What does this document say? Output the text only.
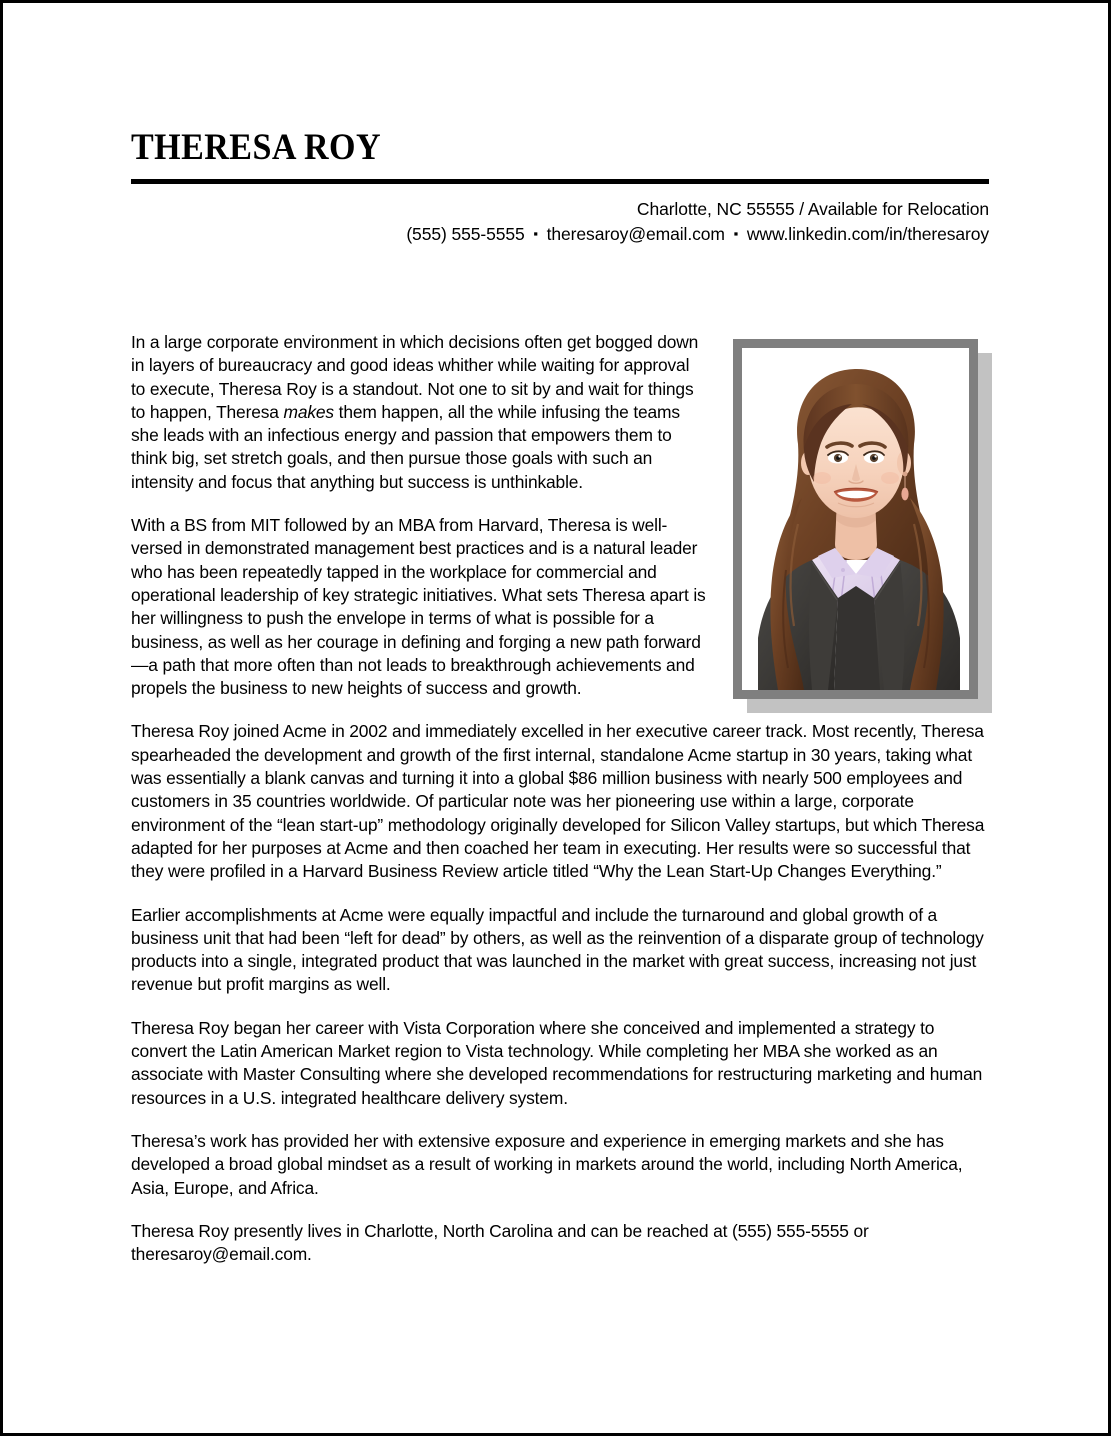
THERESA ROY
Charlotte, NC 55555 / Available for Relocation
(555) 555-5555 ▪ theresaroy@email.com ▪ www.linkedin.com/in/theresaroy

In a large corporate environment in which decisions often get bogged down in layers of bureaucracy and good ideas whither while waiting for approval to execute, Theresa Roy is a standout. Not one to sit by and wait for things to happen, Theresa makes them happen, all the while infusing the teams she leads with an infectious energy and passion that empowers them to think big, set stretch goals, and then pursue those goals with such an intensity and focus that anything but success is unthinkable.

With a BS from MIT followed by an MBA from Harvard, Theresa is well-versed in demonstrated management best practices and is a natural leader who has been repeatedly tapped in the workplace for commercial and operational leadership of key strategic initiatives. What sets Theresa apart is her willingness to push the envelope in terms of what is possible for a business, as well as her courage in defining and forging a new path forward—a path that more often than not leads to breakthrough achievements and propels the business to new heights of success and growth.

Theresa Roy joined Acme in 2002 and immediately excelled in her executive career track. Most recently, Theresa spearheaded the development and growth of the first internal, standalone Acme startup in 30 years, taking what was essentially a blank canvas and turning it into a global $86 million business with nearly 500 employees and customers in 35 countries worldwide. Of particular note was her pioneering use within a large, corporate environment of the “lean start-up” methodology originally developed for Silicon Valley startups, but which Theresa adapted for her purposes at Acme and then coached her team in executing. Her results were so successful that they were profiled in a Harvard Business Review article titled “Why the Lean Start-Up Changes Everything.”

Earlier accomplishments at Acme were equally impactful and include the turnaround and global growth of a business unit that had been “left for dead” by others, as well as the reinvention of a disparate group of technology products into a single, integrated product that was launched in the market with great success, increasing not just revenue but profit margins as well.

Theresa Roy began her career with Vista Corporation where she conceived and implemented a strategy to convert the Latin American Market region to Vista technology. While completing her MBA she worked as an associate with Master Consulting where she developed recommendations for restructuring marketing and human resources in a U.S. integrated healthcare delivery system.

Theresa’s work has provided her with extensive exposure and experience in emerging markets and she has developed a broad global mindset as a result of working in markets around the world, including North America, Asia, Europe, and Africa.

Theresa Roy presently lives in Charlotte, North Carolina and can be reached at (555) 555-5555 or theresaroy@email.com.
